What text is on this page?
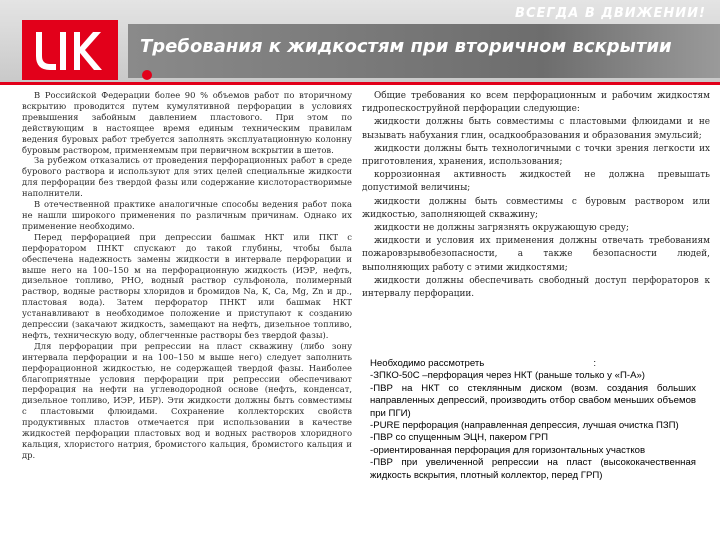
ВСЕГДА В ДВИЖЕНИИ!
Требования к жидкостям при вторичном вскрытии

В Российской Федерации более 90 % объемов работ по вторичному вскрытию проводится путем кумулятивной перфорации в условиях превышения забойным давлением пластового. При этом по действующим в настоящее время единым техническим правилам ведения буровых работ требуется заполнять эксплуатационную колонну буровым раствором, применяемым при первичном вскрытии в шетов.

За рубежом отказались от проведения перфорационных работ в среде бурового раствора и используют для этих целей специальные жидкости для перфорации без твердой фазы или содержание кислоторастворимые наполнители.

В отечественной практике аналогичные способы ведения работ пока не нашли широкого применения по различным причинам. Однако их применение необходимо.

Перед перфорацией при депрессии башмак НКТ или ПКТ с перфоратором ПНКТ спускают до такой глубины, чтобы была обеспечена надежность замены жидкости в интервале перфорации и выше него на 100–150 м на перфорационную жидкость (ИЭР, нефть, дизельное топливо, РНО, водный раствор сульфонола, полимерный раствор, водные растворы хлоридов и бромидов Na, K, Ca, Mg, Zn и др., пластовая вода). Затем перфоратор ПНКТ или башмак НКТ устанавливают в необходимое положение и приступают к созданию депрессии (закачают жидкость, замещают на нефть, дизельное топливо, нефть, техническую воду, облегченные растворы без твердой фазы).

Для перфорации при репрессии на пласт скважину (либо зону интервала перфорации и на 100–150 м выше него) следует заполнить перфорационной жидкостью, не содержащей твердой фазы. Наиболее благоприятные условия перфорации при репрессии обеспечивают перфорация на нефти на углеводородной основе (нефть, конденсат, дизельное топливо, ИЭР, ИБР). Эти жидкости должны быть совместимы с пластовыми флюидами. Сохранение коллекторских свойств продуктивных пластов отмечается при использовании в качестве жидкостей перфорации пластовых вод и водных растворов хлоридного кальция, хлористого натрия, бромистого кальция, бромистого кальция и др.

Общие требования ко всем перфорационным и рабочим жидкостям гидропескоструйной перфорации следующие:

жидкости должны быть совместимы с пластовыми флюидами и не вызывать набухания глин, осадкообразования и образования эмульсий;

жидкости должны быть технологичными с точки зрения легкости их приготовления, хранения, использования;

коррозионная активность жидкостей не должна превышать допустимой величины;

жидкости должны быть совместимы с буровым раствором или жидкостью, заполняющей скважину;

жидкости не должны загрязнять окружающую среду;

жидкости и условия их применения должны отвечать требованиям пожаровзрывобезопасности, а также безопасности людей, выполняющих работу с этими жидкостями;

жидкости должны обеспечивать свободный доступ перфораторов к интервалу перфорации.

Необходимо рассмотреть	:

-ЗПКО-50С –перфорация через НКТ (раньше только у «П-А»)

-ПВР на НКТ со стеклянным диском (возм. создания больших направленных депрессий, производить отбор свабом меньших объемов при ПГИ)

-PURE перфорация (направленная депрессия, лучшая очистка ПЗП)

-ПВР со спущенным ЭЦН, пакером ГРП

-ориентированная перфорация для горизонтальных участков

-ПВР при увеличенной репрессии на пласт (высококачественная жидкость вскрытия, плотный коллектор, перед ГРП)
